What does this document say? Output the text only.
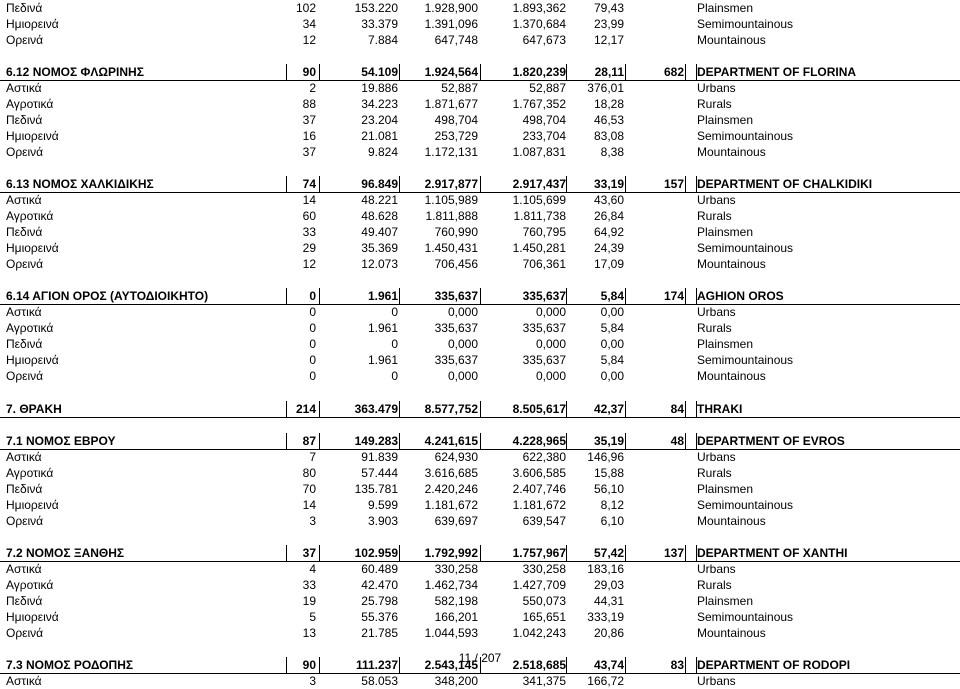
Πεδινά	102	153.220	1.928,900	1.893,362	79,43	Plainsmen
Ημιορεινά	34	33.379	1.391,096	1.370,684	23,99	Semimountainous
Ορεινά	12	7.884	647,748	647,673	12,17	Mountainous
6.12 ΝΟΜΟΣ ΦΛΩΡΙΝΗΣ	90	54.109	1.924,564	1.820,239	28,11	682 DEPARTMENT OF FLORINA
Αστικά	2	19.886	52,887	52,887	376,01	Urbans
Αγροτικά	88	34.223	1.871,677	1.767,352	18,28	Rurals
Πεδινά	37	23.204	498,704	498,704	46,53	Plainsmen
Ημιορεινά	16	21.081	253,729	233,704	83,08	Semimountainous
Ορεινά	37	9.824	1.172,131	1.087,831	8,38	Mountainous
6.13 ΝΟΜΟΣ ΧΑΛΚΙΔΙΚΗΣ	74	96.849	2.917,877	2.917,437	33,19	157 DEPARTMENT OF CHALKIDIKI
Αστικά	14	48.221	1.105,989	1.105,699	43,60	Urbans
Αγροτικά	60	48.628	1.811,888	1.811,738	26,84	Rurals
Πεδινά	33	49.407	760,990	760,795	64,92	Plainsmen
Ημιορεινά	29	35.369	1.450,431	1.450,281	24,39	Semimountainous
Ορεινά	12	12.073	706,456	706,361	17,09	Mountainous
6.14 ΑΓΙΟΝ ΟΡΟΣ (ΑΥΤΟΔΙΟΙΚΗΤΟ)	0	1.961	335,637	335,637	5,84	174 AGHION OROS
Αστικά	0	0	0,000	0,000	0,00	Urbans
Αγροτικά	0	1.961	335,637	335,637	5,84	Rurals
Πεδινά	0	0	0,000	0,000	0,00	Plainsmen
Ημιορεινά	0	1.961	335,637	335,637	5,84	Semimountainous
Ορεινά	0	0	0,000	0,000	0,00	Mountainous
7. ΘΡΑΚΗ	214	363.479	8.577,752	8.505,617	42,37	84 THRAKI
7.1 ΝΟΜΟΣ ΕΒΡΟΥ	87	149.283	4.241,615	4.228,965	35,19	48 DEPARTMENT OF EVROS
Αστικά	7	91.839	624,930	622,380	146,96	Urbans
Αγροτικά	80	57.444	3.616,685	3.606,585	15,88	Rurals
Πεδινά	70	135.781	2.420,246	2.407,746	56,10	Plainsmen
Ημιορεινά	14	9.599	1.181,672	1.181,672	8,12	Semimountainous
Ορεινά	3	3.903	639,697	639,547	6,10	Mountainous
7.2 ΝΟΜΟΣ ΞΑΝΘΗΣ	37	102.959	1.792,992	1.757,967	57,42	137 DEPARTMENT OF XANTHI
Αστικά	4	60.489	330,258	330,258	183,16	Urbans
Αγροτικά	33	42.470	1.462,734	1.427,709	29,03	Rurals
Πεδινά	19	25.798	582,198	550,073	44,31	Plainsmen
Ημιορεινά	5	55.376	166,201	165,651	333,19	Semimountainous
Ορεινά	13	21.785	1.044,593	1.042,243	20,86	Mountainous
7.3 ΝΟΜΟΣ ΡΟΔΟΠΗΣ	90	111.237	2.543,145	2.518,685	43,74	83 DEPARTMENT OF RODOPI
Αστικά	3	58.053	348,200	341,375	166,72	Urbans
11 / 207
